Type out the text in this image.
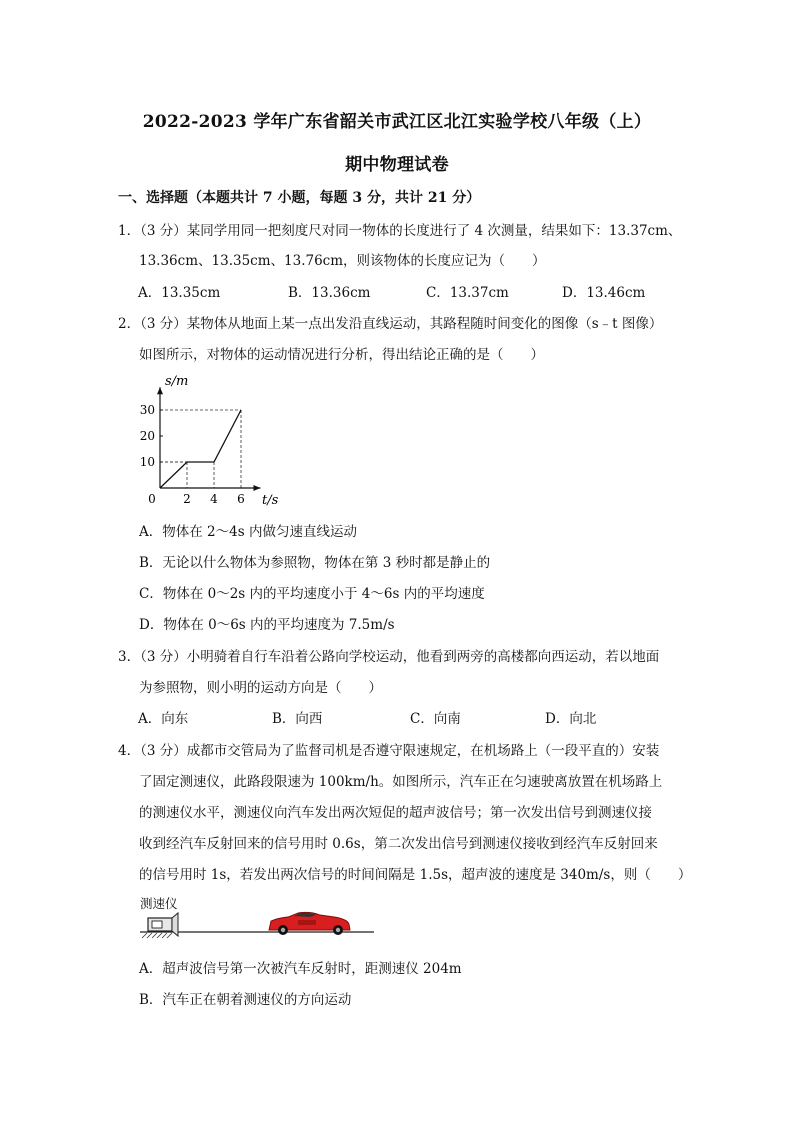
2022-2023 学年广东省韶关市武江区北江实验学校八年级（上）
期中物理试卷
一、选择题（本题共计 7 小题，每题 3 分，共计 21 分）
1．（3 分）某同学用同一把刻度尺对同一物体的长度进行了 4 次测量，结果如下：13.37cm、
13.36cm、13.35cm、13.76cm，则该物体的长度应记为（　　）
A．13.35cm	B．13.36cm	C．13.37cm	D．13.46cm
2．（3 分）某物体从地面上某一点出发沿直线运动，其路程随时间变化的图像（s﹣t 图像）
如图所示，对物体的运动情况进行分析，得出结论正确的是（　　）
10
20
30
0 2 4 6
s/m
t/s
A．物体在 2～4s 内做匀速直线运动
B．无论以什么物体为参照物，物体在第 3 秒时都是静止的
C．物体在 0～2s 内的平均速度小于 4～6s 内的平均速度
D．物体在 0～6s 内的平均速度为 7.5m/s
3．（3 分）小明骑着自行车沿着公路向学校运动，他看到两旁的高楼都向西运动，若以地面
为参照物，则小明的运动方向是（　　）
A．向东	B．向西	C．向南	D．向北
4．（3 分）成都市交管局为了监督司机是否遵守限速规定，在机场路上（一段平直的）安装
了固定测速仪，此路段限速为 100km/h。如图所示，汽车正在匀速驶离放置在机场路上
的测速仪水平，测速仪向汽车发出两次短促的超声波信号；第一次发出信号到测速仪接
收到经汽车反射回来的信号用时 0.6s，第二次发出信号到测速仪接收到经汽车反射回来
的信号用时 1s，若发出两次信号的时间间隔是 1.5s，超声波的速度是 340m/s，则（　　）
测速仪
A．超声波信号第一次被汽车反射时，距测速仪 204m
B．汽车正在朝着测速仪的方向运动
